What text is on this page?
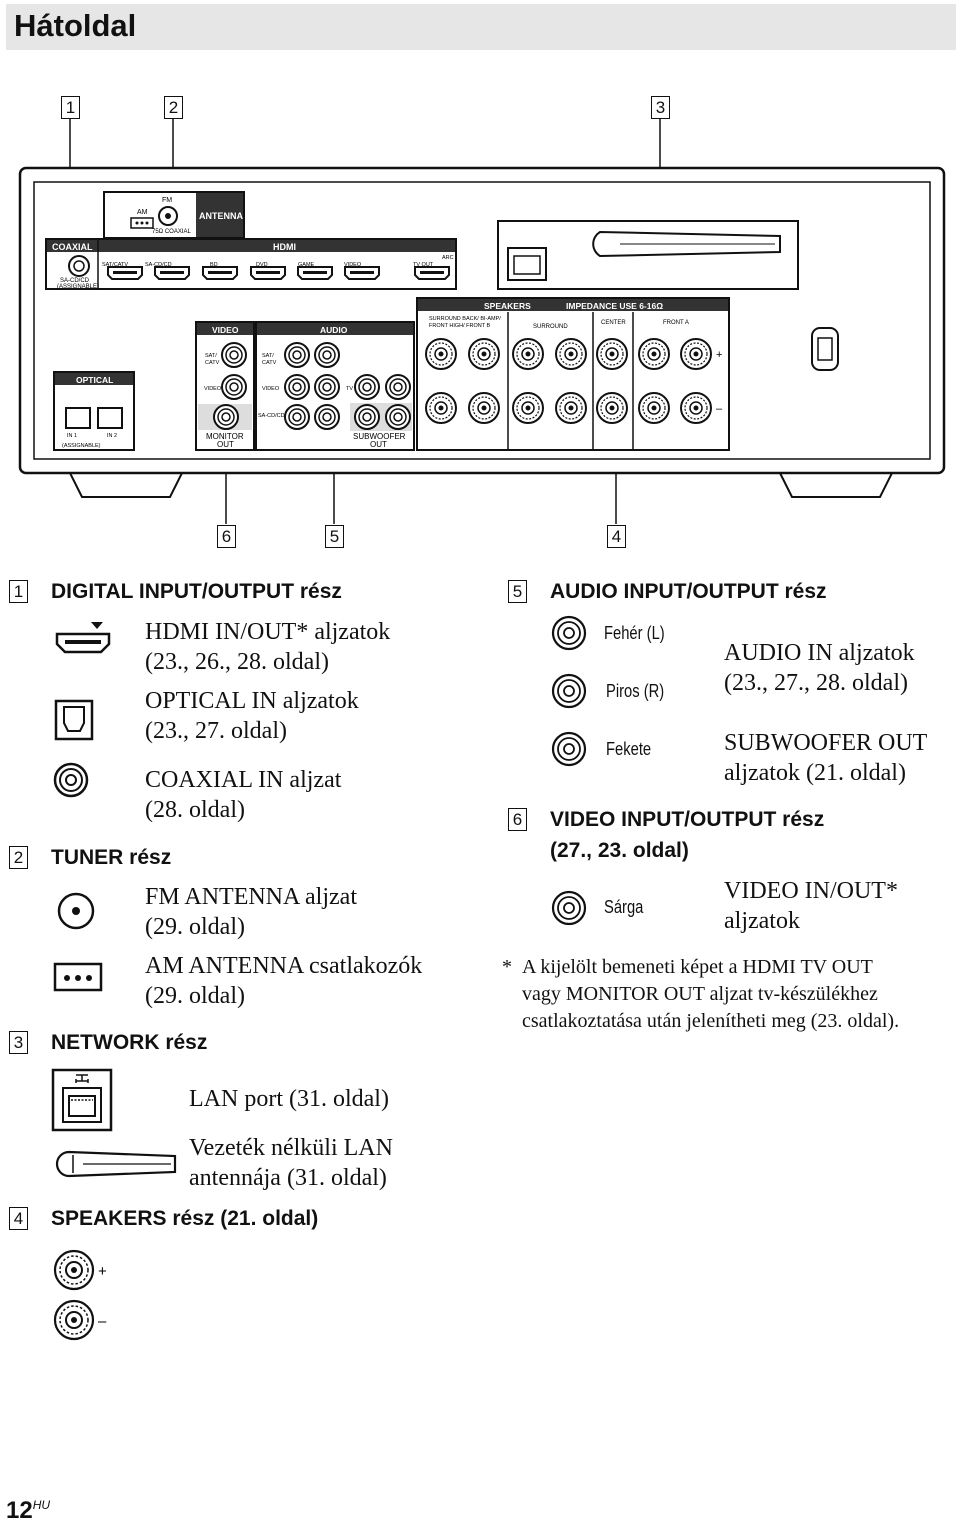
Hátoldal
1	2	3
6	5	4
ANTENNA
FM
AM
75Ω COAXIAL
COAXIAL	HDMI
SA-CD/CD
(ASSIGNABLE)
SAT/CATV	SA-CD/CD	BD	DVD	GAME	VIDEO	TV OUT
ARC
VIDEO
SAT/
CATV
VIDEO
MONITOR
OUT
AUDIO
SAT/
CATV
VIDEO
SA-CD/CD
TV
SUBWOOFER
OUT
OPTICAL
IN 1	IN 2
(ASSIGNABLE)
SPEAKERS	IMPEDANCE USE 6-16Ω
SURROUND BACK/ BI-AMP/
FRONT HIGH/ FRONT B	SURROUND
CENTER	FRONT A
+
–
1 DIGITAL INPUT/OUTPUT rész
HDMI IN/OUT* aljzatok
(23., 26., 28. oldal)
OPTICAL IN aljzatok
(23., 27. oldal)
COAXIAL IN aljzat
(28. oldal)
2 TUNER rész
FM ANTENNA aljzat
(29. oldal)
AM ANTENNA csatlakozók
(29. oldal)
3 NETWORK rész
LAN port (31. oldal)
Vezeték nélküli LAN
antennája (31. oldal)
4 SPEAKERS rész (21. oldal)
+
–
5 AUDIO INPUT/OUTPUT rész
Fehér (L)
Piros (R)
Fekete
AUDIO IN aljzatok
(23., 27., 28. oldal)
SUBWOOFER OUT
aljzatok (21. oldal)
6 VIDEO INPUT/OUTPUT rész
(27., 23. oldal)
Sárga
VIDEO IN/OUT*
aljzatok
* A kijelölt bemeneti képet a HDMI TV OUT
vagy MONITOR OUT aljzat tv-készülékhez
csatlakoztatása után jelenítheti meg (23. oldal).
$12^{HU}$
